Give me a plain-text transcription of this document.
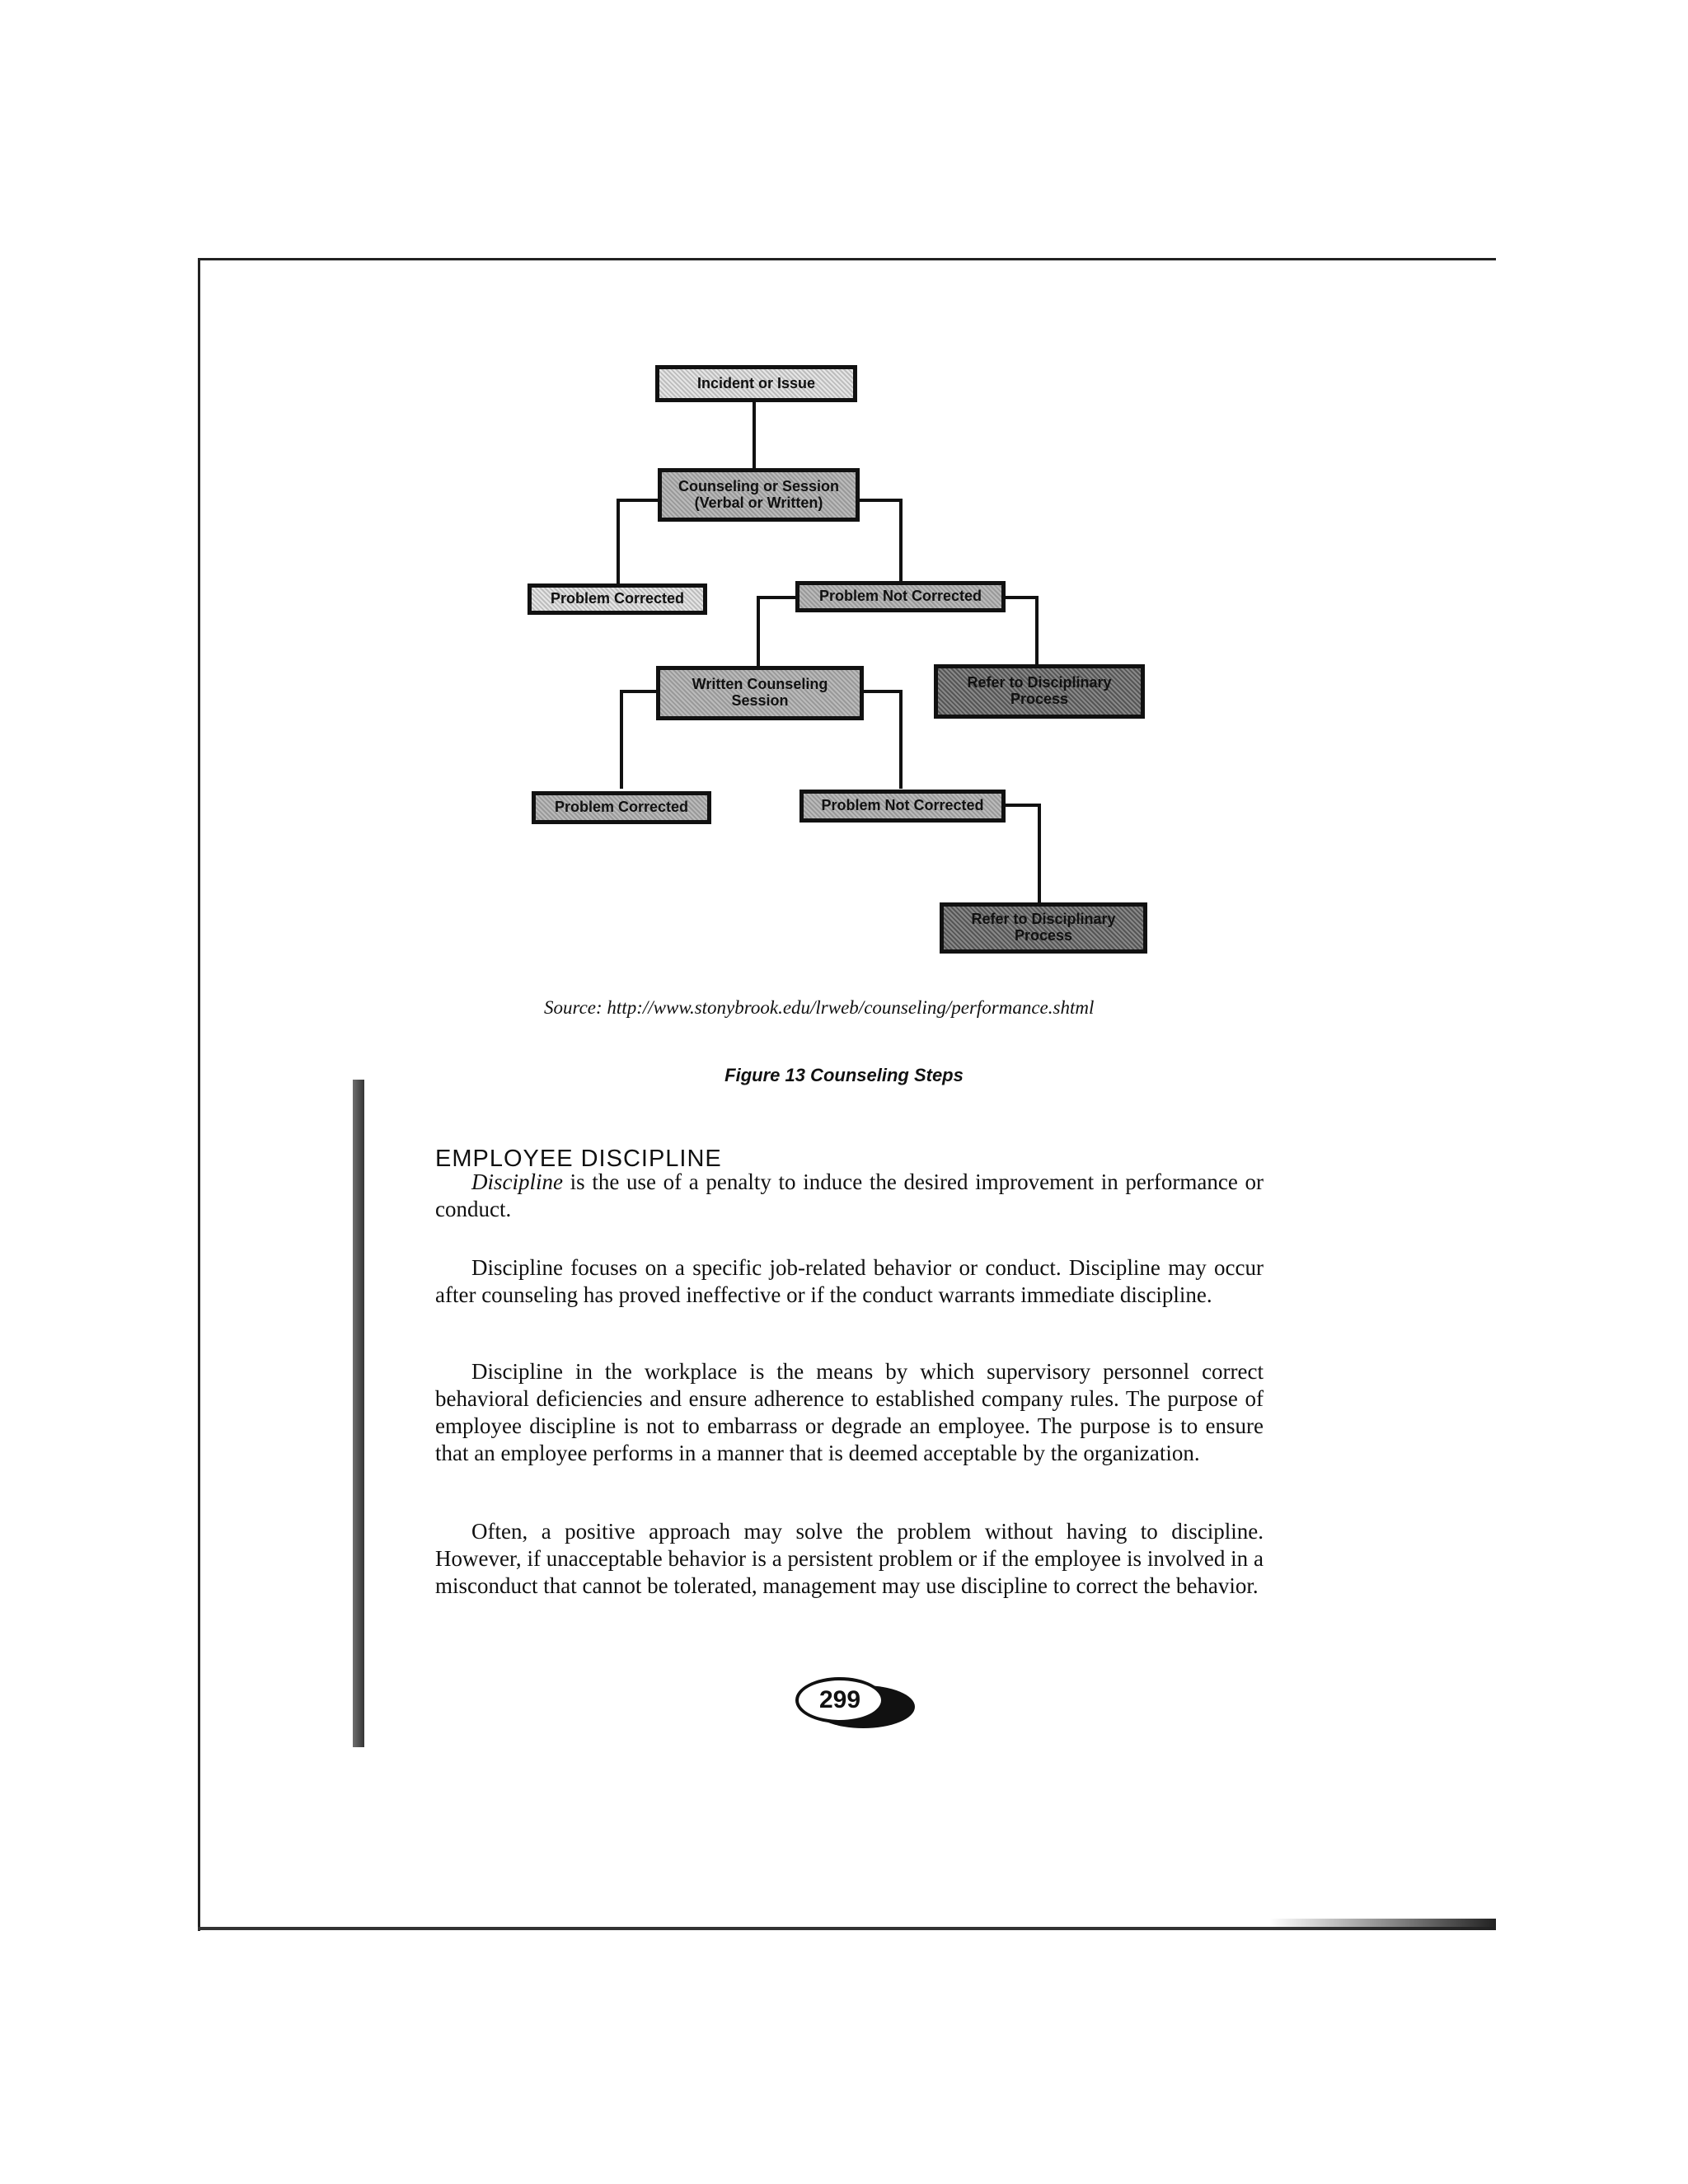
Incident or Issue
Counseling or Session (Verbal or Written)
Problem Corrected	Problem Not Corrected
Written Counseling Session
Refer to Disciplinary Process
Problem Corrected	Problem Not Corrected
Refer to Disciplinary Process
Source: http://www.stonybrook.edu/lrweb/counseling/performance.shtml
Figure 13 Counseling Steps
EMPLOYEE DISCIPLINE

Discipline is the use of a penalty to induce the desired improvement in performance or conduct.

Discipline focuses on a specific job-related behavior or conduct. Discipline may occur after counseling has proved ineffective or if the conduct warrants immediate discipline.

Discipline in the workplace is the means by which supervisory personnel correct behavioral deficiencies and ensure adherence to established company rules. The purpose of employee discipline is not to embarrass or degrade an employee. The purpose is to ensure that an employee performs in a manner that is deemed acceptable by the organization.

Often, a positive approach may solve the problem without having to discipline. However, if unacceptable behavior is a persistent problem or if the employee is involved in a misconduct that cannot be tolerated, management may use discipline to correct the behavior.

299
